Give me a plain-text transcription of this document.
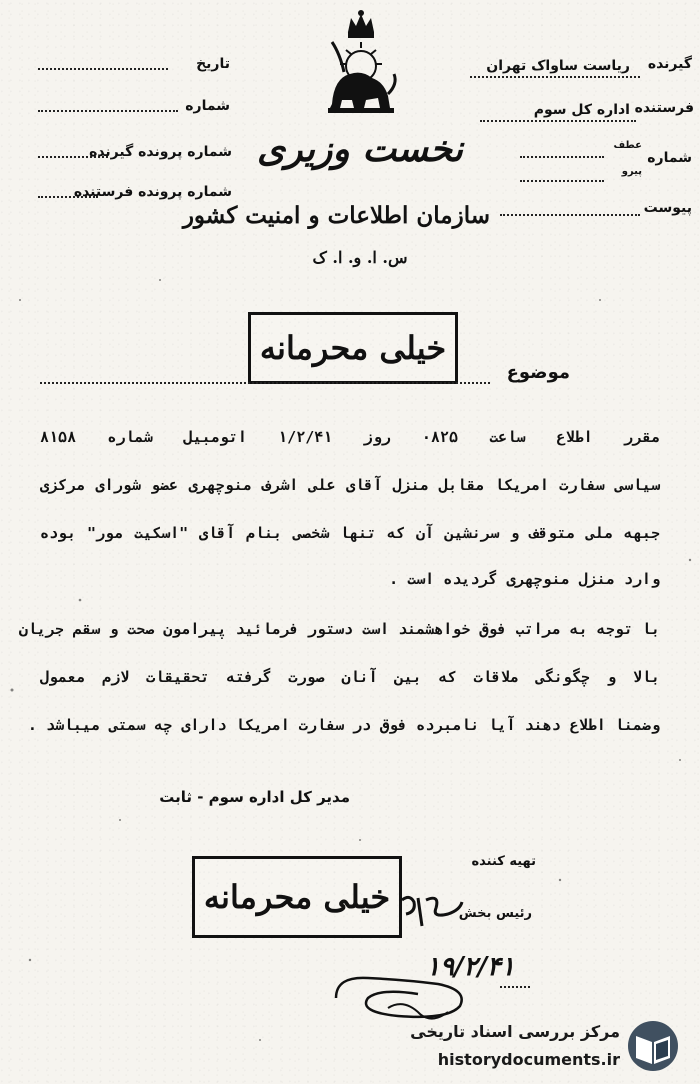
تاریخ
شماره
شماره پرونده گیرنده
شماره پرونده فرستنده
گیرنده
ریاست ساواک تهران
فرستنده
اداره کل سوم
شماره
عطف
پیرو
پیوست
نخست وزیری
سازمان اطلاعات و امنیت کشور
س. ا. و. ا. ک
خیلی محرمانه
موضوع
مقرر اطلاع ساعت ۰۸۲۵ روز ۱/۲/۴۱ اتومبیل شماره ۸۱۵۸
سیاسی سفارت امریکا مقابل منزل آقای علی اشرف منوچهری عضو شورای مرکزی
جبهه ملی متوقف و سرنشین آن که تنها شخصی بنام آقای "اسکیت مور" بوده
وارد منزل منوچهری گردیده است .
با توجه به مراتب فوق خواهشمند است دستور فرمائید پیرامون صحت و سقم جریان
بالا و چگونگی ملاقات که بین آنان صورت گرفته تحقیقات لازم معمول
وضمنا اطلاع دهند آیا نامبرده فوق در سفارت امریکا دارای چه سمتی میباشد .
مدیر کل اداره سوم - ثابت
تهیه کننده
خیلی محرمانه	رئیس بخش
۱۹/۲/۴۱
مرکز بررسی اسناد تاریخی
historydocuments.ir
